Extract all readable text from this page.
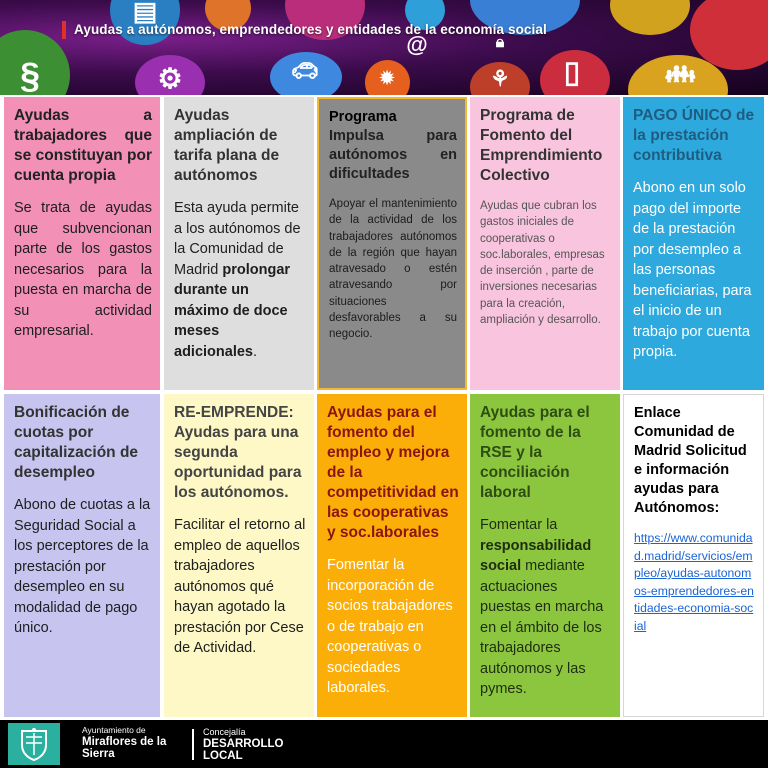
§
▤
🔒︎
@
🚗︎
⚙	✹	⚘	▯	👪︎
Ayudas a autónomos, emprendedores y entidades de la economía social
Ayudas a trabajadores que se constituyan por cuenta propia

Se trata de ayudas que subvencionan parte de los gastos necesarios para la puesta en marcha de su actividad empresarial.

Ayudas ampliación de tarifa plana de autónomos

Esta ayuda permite a los autónomos de la Comunidad de Madrid prolongar durante un máximo de doce meses adicionales.

Programa
Impulsa para autónomos en dificultades

Apoyar el mantenimiento de la actividad de los trabajadores autónomos de la región que hayan atravesado o estén atravesando por situaciones desfavorables a su negocio.

Programa de Fomento del Emprendimiento Colectivo

Ayudas que cubran los gastos iniciales de cooperativas o soc.laborales, empresas de inserción , parte de inversiones necesarias para la creación, ampliación y desarrollo.

PAGO ÚNICO de la prestación contributiva

Abono en un solo pago del importe de la prestación por desempleo a las personas beneficiarias, para el inicio de un trabajo por cuenta propia.

Bonificación de cuotas por capitalización de desempleo

Abono de cuotas a la Seguridad Social a los perceptores de la prestación por desempleo en su modalidad de pago único.

RE-EMPRENDE: Ayudas para una segunda oportunidad para los autónomos.

Facilitar el retorno al empleo de aquellos trabajadores autónomos qué hayan agotado la prestación por Cese de Actividad.

Ayudas para el fomento del empleo y mejora de la competitividad en las cooperativas y soc.laborales

Fomentar la incorporación de socios trabajadores o de trabajo en cooperativas o sociedades laborales.

Ayudas para el fomento de la RSE y la conciliación laboral

Fomentar la responsabilidad social mediante actuaciones puestas en marcha en el ámbito de los trabajadores autónomos y las pymes.

Enlace Comunidad de Madrid Solicitud e información ayudas para Autónomos:
https://www.comunidad.madrid/servicios/empleo/ayudas-autonomos-emprendedores-entidades-economia-social
Ayuntamiento de
Miraflores de la Sierra
Concejalía
DESARROLLO LOCAL
